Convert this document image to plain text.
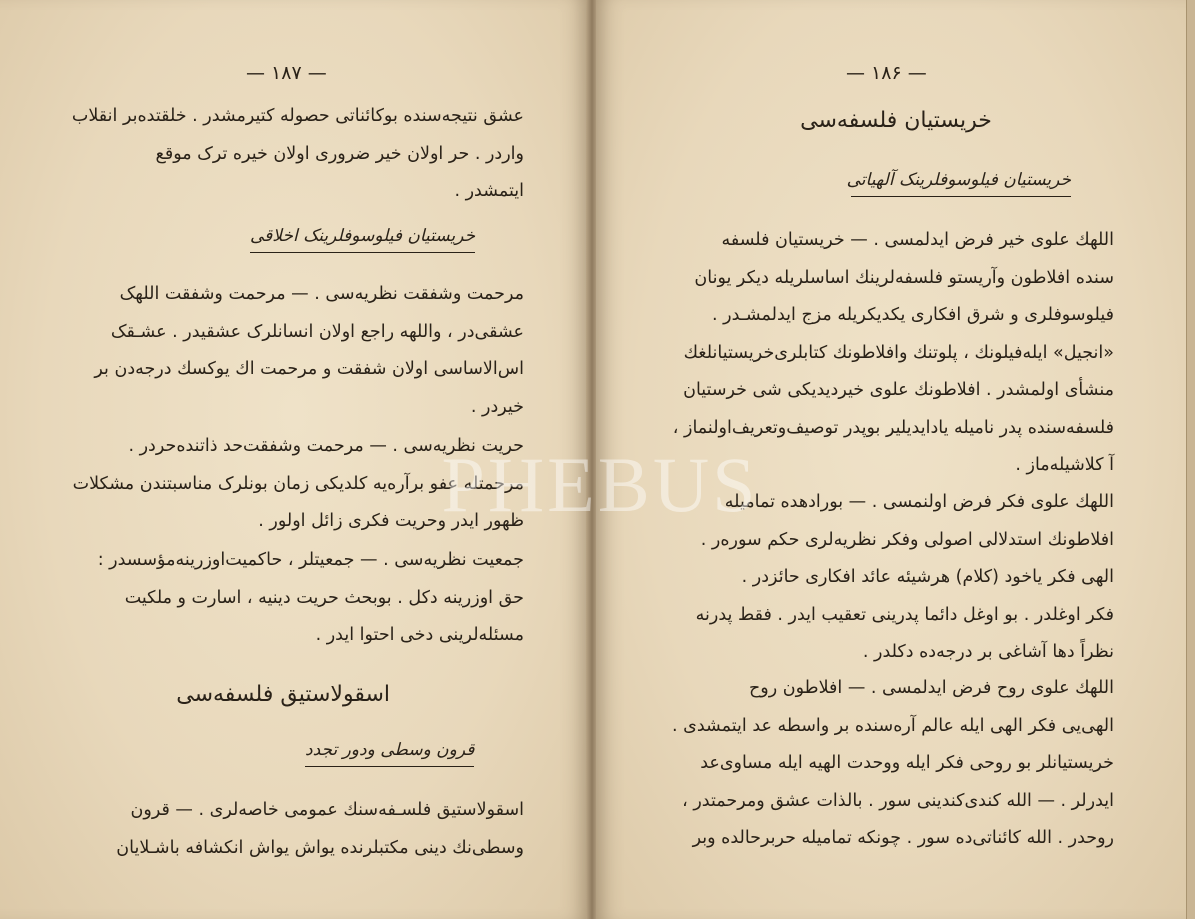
— ۱۸۷ —

عشق نتیجه‌سنده بوکائناتی حصوله کتیرمشدر . خلقتده‌بر انقلاب

واردر . حر اولان خیر ضروری اولان خیره ترک موقع

ایتمشدر .

خریستیان فیلوسوفلرینک اخلاقی

مرحمت وشفقت نظریه‌سی . — مرحمت وشفقت اللهک

عشقی‌در ، واللهه راجع اولان انسانلرک عشقیدر . عشـقک

اس‌الاساسی اولان شفقت و مرحمت اك یوکسك درجه‌دن بر

خیردر .

حریت نظریه‌سی . — مرحمت وشفقت‌حد ذاتنده‌حردر .

مرحمتله عفو برآره‌یه کلدیکی زمان بونلرک مناسبتندن مشکلات

ظهور ایدر وحریت فکری زائل اولور .

جمعیت نظریه‌سی . — جمعیتلر ، حاکمیت‌اوزرینه‌مؤسسدر :

حق اوزرینه دکل . بوبحث حریت دینیه ، اسارت و ملکیت

مسئله‌لرینی دخی احتوا ایدر .

اسقولاستیق فلسفه‌سی
قرون وسطی ودور تجدد

اسقولاستیق فلسـفه‌سنك عمومی خاصه‌لری . — قرون

وسطی‌نك دینی مکتبلرنده یواش یواش انکشافه باشـلایان

— ۱۸۶ —
خریستیان فلسفه‌سی
خریستیان فیلوسوفلرینک آلهیاتی

اللهك علوی خیر فرض ایدلمسی . — خریستیان فلسفه‌

سنده افلاطون وآریستو فلسفه‌لرینك اساسلریله دیکر یونان

فیلوسوفلری و شرق افکاری یکدیکریله مزج ایدلمشـدر .

«انجیل» ایله‌فیلونك ، پلوتنك وافلاطونك کتابلری‌خریستیانلغك

منشأی اولمشدر . افلاطونك علوی خیردیدیکی شی خرستیان

فلسفه‌سنده پدر نامیله یادایدیلیر بوپدر توصیف‌وتعریف‌اولنماز ،

آ کلاشیله‌ماز .

اللهك علوی فکر فرض اولنمسی . — بورادهده تمامیله

افلاطونك استدلالی اصولی وفکر نظریه‌لری حکم سوره‌ر .

الهی فکر یاخود (کلام) هرشیئه عائد افکاری حائزدر .

فکر اوغلدر . بو اوغل دائما پدرینی تعقیب ایدر . فقط پدرنه

نظراً دها آشاغی بر درجه‌ده دکلدر .

اللهك علوی روح فرض ایدلمسی . — افلاطون روح

الهی‌یی فکر الهی ایله عالم آره‌سنده بر واسطه عد ایتمشدی .

خریستیانلر بو روحی فکر ایله ووحدت الهیه ایله مساوی‌عد

ایدرلر . — الله کندی‌کندینی سور . بالذات عشق ومرحمتدر ،

روحدر . الله کائناتی‌ده سور . چونکه تمامیله حربرحالده وبر

PHEBUS
